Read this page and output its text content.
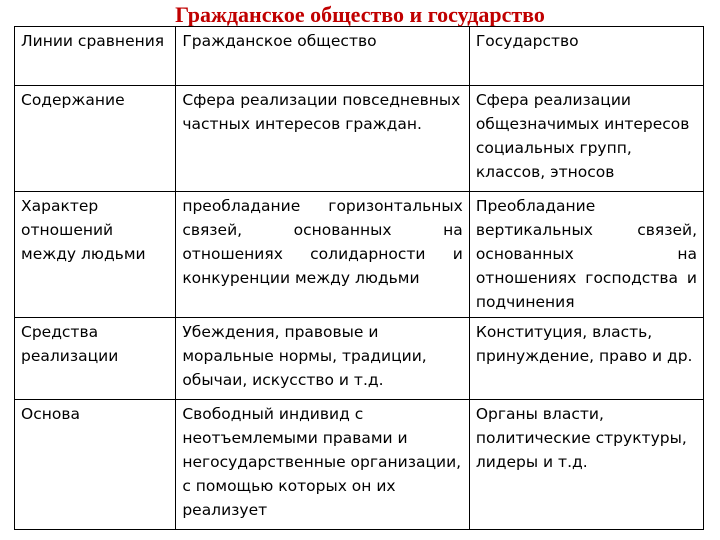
Гражданское общество и государство
Линии сравнения	Гражданское общество	Государство
Содержание	Сфера реализации повседневных частных интересов граждан.	Сфера реализации общезначимых интересов социальных групп, классов, этносов
Характер отношений между людьми	преобладание горизонтальных связей, основанных на отношениях солидарности и конкуренции между людьми	Преобладание вертикальных связей, основанных на отношениях господства и подчинения
Средства реализации	Убеждения, правовые и моральные нормы, традиции, обычаи, искусство и т.д.	Конституция, власть, принуждение, право и др.
Основа	Свободный индивид с неотъемлемыми правами и негосударственные организации, с помощью которых он их реализует	Органы власти, политические структуры, лидеры и т.д.
